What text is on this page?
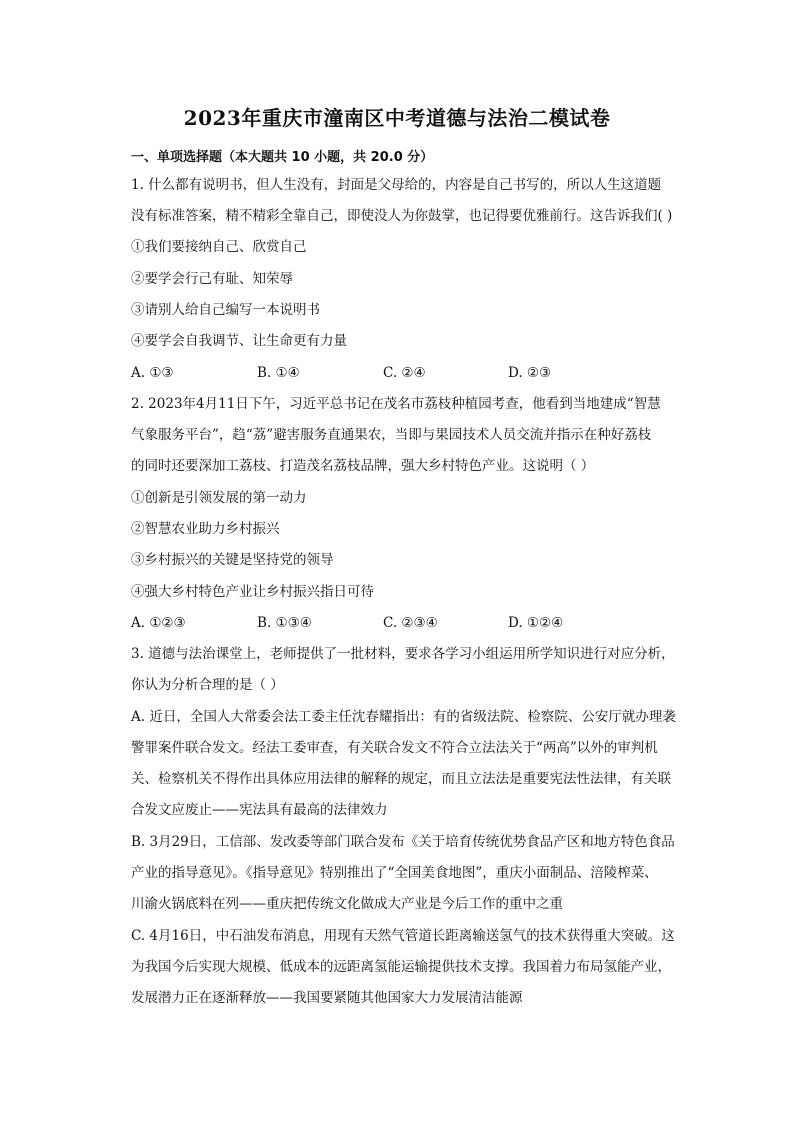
2023年重庆市潼南区中考道德与法治二模试卷
一、单项选择题（本大题共 10 小题，共 20.0 分）
1. 什么都有说明书，但人生没有，封面是父母给的，内容是自己书写的，所以人生这道题
没有标准答案，精不精彩全靠自己，即使没人为你鼓掌，也记得要优雅前行。这告诉我们( )
①我们要接纳自己、欣赏自己
②要学会行己有耻、知荣辱
③请别人给自己编写一本说明书
④要学会自我调节、让生命更有力量
A. ①③	B. ①④	C. ②④	D. ②③
2. 2023年4月11日下午，习近平总书记在茂名市荔枝种植园考查，他看到当地建成“智慧
气象服务平台”，趋“荔”避害服务直通果农，当即与果园技术人员交流并指示在种好荔枝
的同时还要深加工荔枝、打造茂名荔枝品牌，强大乡村特色产业。这说明（ ）
①创新是引领发展的第一动力
②智慧农业助力乡村振兴
③乡村振兴的关键是坚持党的领导
④强大乡村特色产业让乡村振兴指日可待
A. ①②③	B. ①③④	C. ②③④	D. ①②④
3. 道德与法治课堂上，老师提供了一批材料，要求各学习小组运用所学知识进行对应分析，
你认为分析合理的是（ ）
A. 近日，全国人大常委会法工委主任沈春耀指出：有的省级法院、检察院、公安厅就办理袭
警罪案件联合发文。经法工委审查，有关联合发文不符合立法法关于“两高”以外的审判机
关、检察机关不得作出具体应用法律的解释的规定，而且立法法是重要宪法性法律，有关联
合发文应废止——宪法具有最高的法律效力
B. 3月29日，工信部、发改委等部门联合发布《关于培育传统优势食品产区和地方特色食品
产业的指导意见》。《指导意见》特别推出了“全国美食地图”，重庆小面制品、涪陵榨菜、
川渝火锅底料在列——重庆把传统文化做成大产业是今后工作的重中之重
C. 4月16日，中石油发布消息，用现有天然气管道长距离输送氢气的技术获得重大突破。这
为我国今后实现大规模、低成本的远距离氢能运输提供技术支撑。我国着力布局氢能产业，
发展潜力正在逐渐释放——我国要紧随其他国家大力发展清洁能源
